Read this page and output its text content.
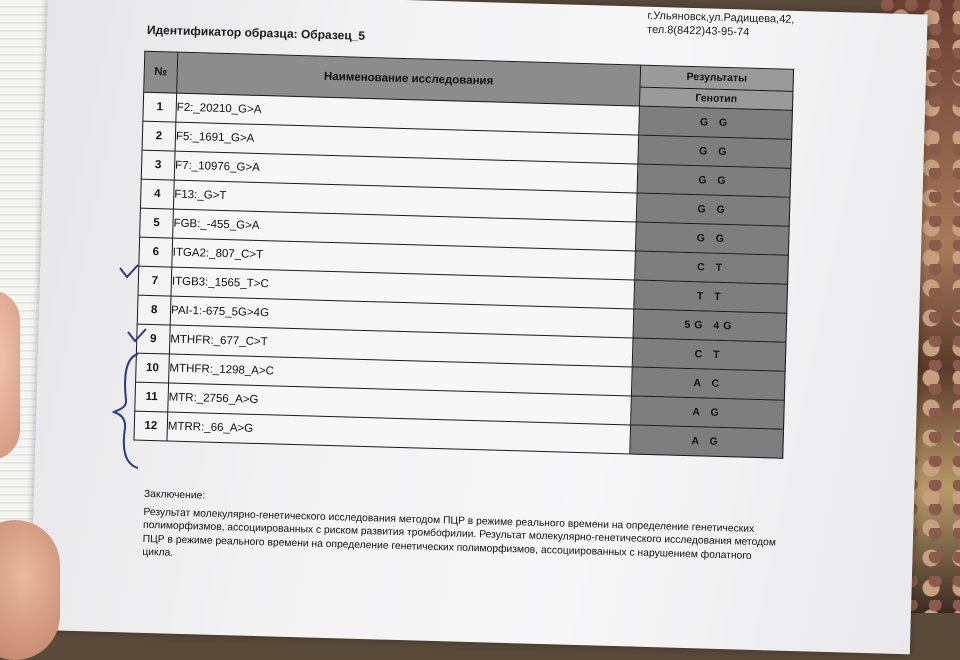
г.Ульяновск,ул.Радищева,42,
тел.8(8422)43-95-74
Идентификатор образца: Образец_5
№	Наименование исследования	Результаты
		Генотип
1	F2:_20210_G>A	G G
2	F5:_1691_G>A	G G
3	F7:_10976_G>A	G G
4	F13:_G>T	G G
5	FGB:_-455_G>A	G G
6	ITGA2:_807_C>T	C T
7	ITGB3:_1565_T>C	T T
8	PAI-1:-675_5G>4G	5G 4G
9	MTHFR:_677_C>T	C T
10	MTHFR:_1298_A>C	A C
11	MTR:_2756_A>G	A G
12	MTRR:_66_A>G	A G
Заключение:
Результат молекулярно-генетического исследования методом ПЦР в режиме реального времени на определение генетических полиморфизмов, ассоциированных с риском развития тромбофилии. Результат молекулярно-генетического исследования методом ПЦР в режиме реального времени на определение генетических полиморфизмов, ассоциированных с нарушением фолатного цикла.
